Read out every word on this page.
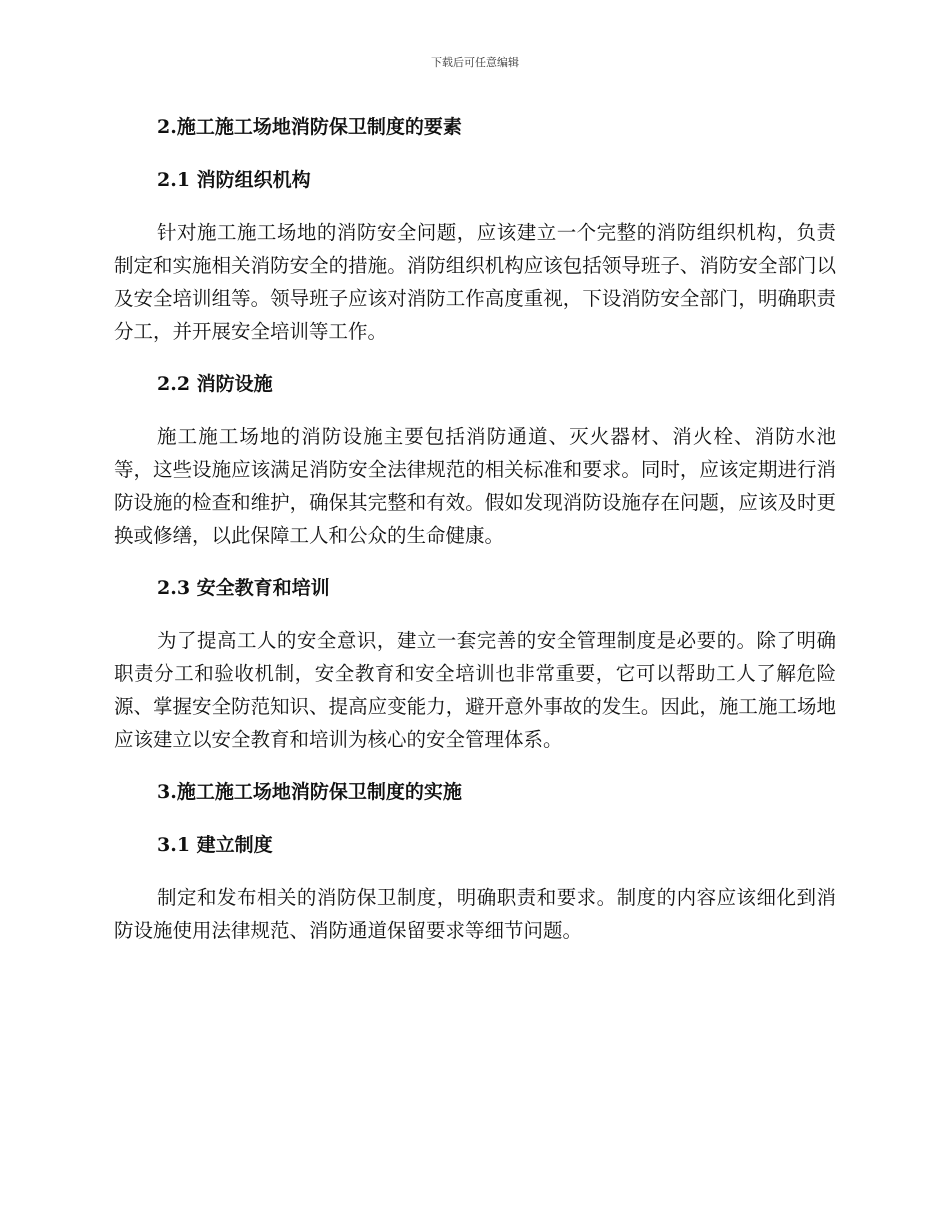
下载后可任意编辑
2.施工施工场地消防保卫制度的要素
2.1 消防组织机构

针对施工施工场地的消防安全问题，应该建立一个完整的消防组织机构，负责制定和实施相关消防安全的措施。消防组织机构应该包括领导班子、消防安全部门以及安全培训组等。领导班子应该对消防工作高度重视，下设消防安全部门，明确职责分工，并开展安全培训等工作。

2.2 消防设施

施工施工场地的消防设施主要包括消防通道、灭火器材、消火栓、消防水池等，这些设施应该满足消防安全法律规范的相关标准和要求。同时，应该定期进行消防设施的检查和维护，确保其完整和有效。假如发现消防设施存在问题，应该及时更换或修缮，以此保障工人和公众的生命健康。

2.3 安全教育和培训

为了提高工人的安全意识，建立一套完善的安全管理制度是必要的。除了明确职责分工和验收机制，安全教育和安全培训也非常重要，它可以帮助工人了解危险源、掌握安全防范知识、提高应变能力，避开意外事故的发生。因此，施工施工场地应该建立以安全教育和培训为核心的安全管理体系。

3.施工施工场地消防保卫制度的实施
3.1 建立制度

制定和发布相关的消防保卫制度，明确职责和要求。制度的内容应该细化到消防设施使用法律规范、消防通道保留要求等细节问题。
